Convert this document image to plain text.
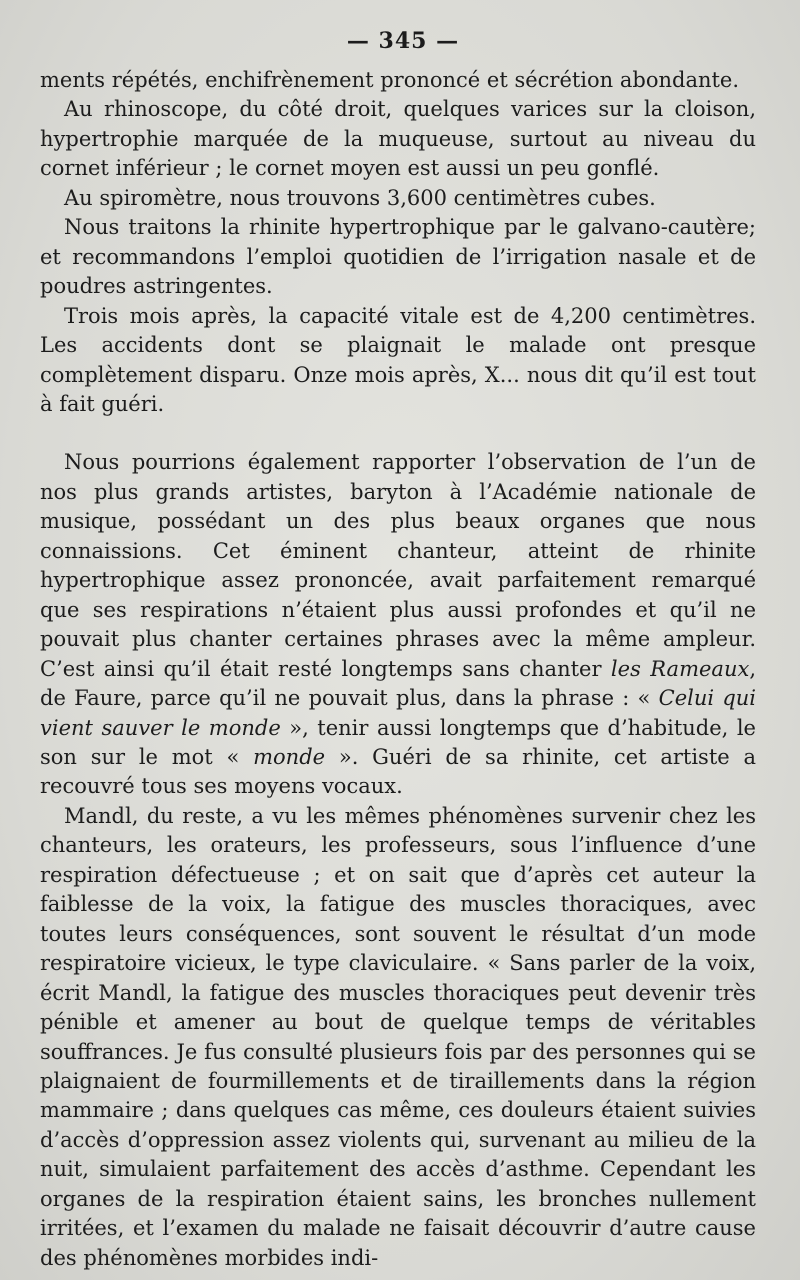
— 345 —

ments répétés, enchifrènement prononcé et sécrétion abondante.

Au rhinoscope, du côté droit, quelques varices sur la cloison, hypertrophie marquée de la muqueuse, surtout au niveau du cornet inférieur ; le cornet moyen est aussi un peu gonflé.

Au spiromètre, nous trouvons 3,600 centimètres cubes.

Nous traitons la rhinite hypertrophique par le galvano-cautère; et recommandons l’emploi quotidien de l’irrigation nasale et de poudres astringentes.

Trois mois après, la capacité vitale est de 4,200 centimètres. Les accidents dont se plaignait le malade ont presque complètement disparu. Onze mois après, X... nous dit qu’il est tout à fait guéri.

Nous pourrions également rapporter l’observation de l’un de nos plus grands artistes, baryton à l’Académie nationale de musique, possédant un des plus beaux organes que nous connaissions. Cet éminent chanteur, atteint de rhinite hypertrophique assez prononcée, avait parfaitement remarqué que ses respirations n’étaient plus aussi profondes et qu’il ne pouvait plus chanter certaines phrases avec la même ampleur. C’est ainsi qu’il était resté longtemps sans chanter les Rameaux, de Faure, parce qu’il ne pouvait plus, dans la phrase : « Celui qui vient sauver le monde », tenir aussi longtemps que d’habitude, le son sur le mot « monde ». Guéri de sa rhinite, cet artiste a recouvré tous ses moyens vocaux.

Mandl, du reste, a vu les mêmes phénomènes survenir chez les chanteurs, les orateurs, les professeurs, sous l’influence d’une respiration défectueuse ; et on sait que d’après cet auteur la faiblesse de la voix, la fatigue des muscles thoraciques, avec toutes leurs conséquences, sont souvent le résultat d’un mode respiratoire vicieux, le type claviculaire. « Sans parler de la voix, écrit Mandl, la fatigue des muscles thoraciques peut devenir très pénible et amener au bout de quelque temps de véritables souffrances. Je fus consulté plusieurs fois par des personnes qui se plaignaient de fourmillements et de tiraillements dans la région mammaire ; dans quelques cas même, ces douleurs étaient suivies d’accès d’oppression assez violents qui, survenant au milieu de la nuit, simulaient parfaitement des accès d’asthme. Cependant les organes de la respiration étaient sains, les bronches nullement irritées, et l’examen du malade ne faisait découvrir d’autre cause des phénomènes morbides indi-
